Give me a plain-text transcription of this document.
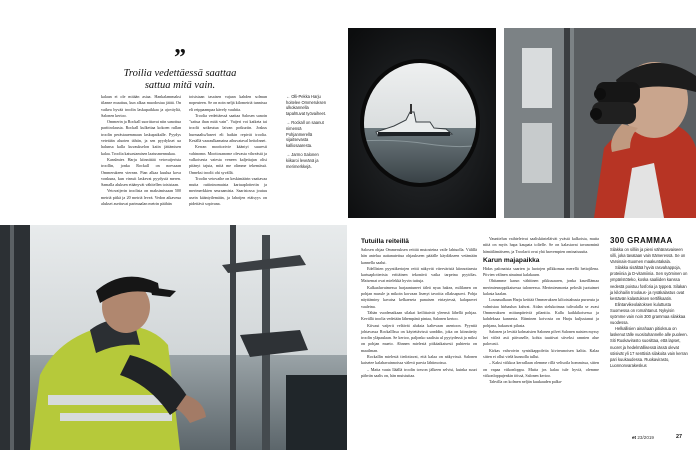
”
Troilia vedettäessä saattaa sattua mitä vain.

kalaan ei ole mitään asiaa. Hankalammaksi tilanne muuttuu, kun alkaa muodostua jäätä. On vaikea hyvää troolin laskupaikkaa ja ajoväyliä, Salonen kertoo.

Ommerin ja Rockall suorittavat niin sanottua parittrolausta. Rockall kulkettaa kokoen rullan troolin perästauemmaan laskupaikalle. Pyydys vetetään aluoten tähtin, ja sen pyydykset ua halunsa kalla kuvaukselon kaiin jättämisen kalaa. Troolia katsastamisen laatusmennukaa.

Kanslmies Harju kiinnittää vetovaijerista troollin, jonka Rockall on noessaan Ommerukeen vierean. Pian alkaa kuulua kova vonkuna, kun vinssit laskevat pyydystä meren. Samalla aluksen etäänyvät vähitellen toisistaan.

Vetovaijerin troolista on maksimissaan 500 metriä pitkä ja 20 metriä leveä. Vedon aikaveua alukset asettuvat parimaalan metrin päähän

toisistaan tasaisen vajaan kahden solmun nopeuteen. Se on noin neljä kilometriä tunnissa eli reippaampaa kävely vauhtia.

Troolia vedettäessä saattaa Salosen sanoin "sattua ihan mitä vain". Vaijeri voi katketa tai troolit sotkeutua laivan potkuriin. Joskus hurmaaltu/laseet eli haikin repivät troolia. Kesällä vaaraulkamaina aihuvataval heitolnnet.

Kerran moottorivie kääntyi suuresti vahinomn. Moottosanome olevasta vihreästä ja valkoisesta vaiesta veneen kaljettajan olisi pitänyt tajuta, mitä me olimme tekemässä. Onneksi troolit ohi syvällä.

Troolin vetovaihe on keskimäärin vaattavaa mutta rutiininomaista kartuaplottertin ja merimerkkien seuraamista. Saaristossa joutuu usein kääntyilemään, ja lahoijen etäisyys on pidettävä sopivana.

← Olli-Pekka Harju hoitelee Ommeruksen ulkokannella tapahtuvat työvaiheet.
→ Rockall on saanut nimensä Pohjanmerellä sijaitsevasta kalliosaaresta.
→ Jarmo Salonen kiikaroi leveänä ja merimerkkejä.
Tutuilla reiteillä

Salosen ohjaa Ommeruksen reittiä mutosteina vaile lahtuolla. Välillä hän antelua auttanutettua ohjaukseen pääälle käydäkseen vetämään kannella saalut.

Edellisten pyyntikertojen reitti näkyvät viterväristä kiinnottaesta kartuaplotterista erittäinen tekonävä vaika tarpeina pyytölas. Maisemat ovat mielekkä hyvin tuttuja.

Kalkaaluvaimessa harjaantuneet täleä nyaa hakea, mililanen on pohjan mussle ja mikoin korvaan lisenyt tavoitta ollaksapurvi. Pohja näyttäminy kavatsa kelkaeseta punaisen etriaytessä, kalaparvet vaaleina.

Tähän vuodenaikaan silakat keilittaivät yleensä lähellä pohjaa. Kevällä troolia vedetään lähempänä pintaa, Salonen kertoo.

Kiivaut vaijerit veläivät aluksia kaltevaan asentoon. Pyyntiä johtavassa Rockalllssa on käytettävissä sonddin, joka on kiinnitetty troolin yläpaulaan. Se kertoo, paljonko saalista ul pyytydessä ja miksi on pohjan mueto. Ahnnen mielestä pitkäaikaisesti puhteeta on maailman.

Rockallin mielestä tiedottavat, että kalaa on näkyvissä. Salonen kaisetee kalahavainnoissa välevä parvia lähtimoissa.

– Matta vaata lläällä troolin tosvon jälkeen selvisi, kuinka suuri pähvän saalis on, hän muistuttaa.

Vaunttelun vaihteletvat saaliskiinteläivät yvästä kalkoista, mutta niitä on myös hapa kaupata tolielle. Se on kalastavat tavanominä hämäilämäiseen, ja Troolarit ovat yhä harvempien ominaisuutta.

Karun majapaikka

Hidas palonaisia saarten ja luotojen pilkkomaa merellä hettojilena. Pitvien välinen ainuinut kalakaarn.

Ohitamme karun vähitinen pikkusaaren, jonka kaseillämaa merimiesnoppikaisessa tuloneessa. Merimiesmonta peloslä juotuimet kalasta kaalan.

Lounasalkaan Harju keittää Ommeruksen kiltoistahusta purseuta ja valmistaa hirhaulun kahvat. Aidan sielukoimaa tulivalalla se avasi Ommeruksen mittanpiteiviä pilanttia. Kalla kaikkikoisessa ja kahdeksaa kannesta. Ritminen koivosta on Harju kuljustanut ja pohjana, hakaavat pilasta.

Salonen ja leväiä kolmaisien Salonen pilvet Salonen naisten myssy hei viileä asti päivaselle, kohta tuuttivat siiveksi rannien alue palovasti.

Kirkas vahvoivin syntsikappoleita kivireunoisen kaltta. Kalaa sitten ei ollut vielä kunnolla tullut.

– Kaksi viikkoa kerrallaan olemme rillä veltsoila hommissa, sitten on vapaa viikonloppu. Mutta jos kalaa tule hyviä, olemme viikonloppujenkin töissä, Salonen kertoo.

Tahvilla on kolmen neljän kuukauden palka-

300 GRAMMAA

Silakka on silliin ja pieni vähärasvaiseen silli, joka tavataan vain Itämeressä. Se on Varsinais-Suomen maakuntakala.

Silakka sisältää hyviä rasvahappoja, proteiinia ja D-vitamiinia. Sen syöminen on ympäristöteko, koska saaliiden kanssa vedestä poistuu fosforia ja typpeä. Silakan ja kilohailin troolaus- ja rysäkalastus ovat kestävän kalastuksen sertifikaatin.

Elintarvikeolaitoksen kuluttusta Suomessa on romahtanut. Nykyisin syömme vain noin 300 grammaa silakkaa vuodessa.

Helkallisien ainahaan pitioksua on laskenut tälle vuosituhannelle alle puoleen. Siti Ruokavirasto suosittaa, että lapset, nuoret ja hedelmällisessä iässä olevat söisivät yli 17 senttisiä silakoita vain kerran pari kuukaudessa. Ruokavirasto, Luonnonvarakeskus

et 23/2019	27
